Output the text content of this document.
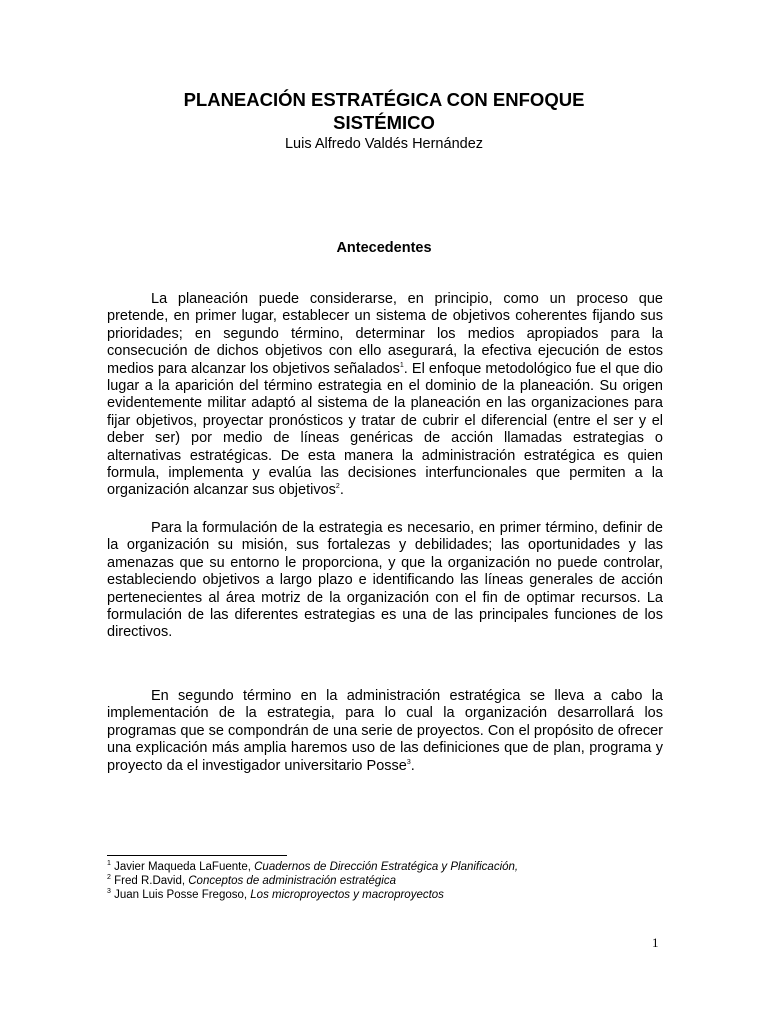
PLANEACIÓN ESTRATÉGICA CON ENFOQUE
SISTÉMICO
Luis Alfredo Valdés Hernández
Antecedentes

La planeación puede considerarse, en principio, como un proceso que pretende, en primer lugar, establecer un sistema de objetivos coherentes fijando sus prioridades; en segundo término, determinar los medios apropiados para la consecución de dichos objetivos con ello asegurará, la efectiva ejecución de estos medios para alcanzar los objetivos señalados$^1$. El enfoque metodológico fue el que dio lugar a la aparición del término estrategia en el dominio de la planeación. Su origen evidentemente militar adaptó al sistema de la planeación en las organizaciones para fijar objetivos, proyectar pronósticos y tratar de cubrir el diferencial (entre el ser y el deber ser) por medio de líneas genéricas de acción llamadas estrategias o alternativas estratégicas. De esta manera la administración estratégica es quien formula, implementa y evalúa las decisiones interfuncionales que permiten a la organización alcanzar sus objetivos$^2$.

Para la formulación de la estrategia es necesario, en primer término, definir de la organización su misión, sus fortalezas y debilidades; las oportunidades y las amenazas que su entorno le proporciona, y que la organización no puede controlar, estableciendo objetivos a largo plazo e identificando las líneas generales de acción pertenecientes al área motriz de la organización con el fin de optimar recursos. La formulación de las diferentes estrategias es una de las principales funciones de los directivos.

En segundo término en la administración estratégica se lleva a cabo la implementación de la estrategia, para lo cual la organización desarrollará los programas que se compondrán de una serie de proyectos. Con el propósito de ofrecer una explicación más amplia haremos uso de las definiciones que de plan, programa y proyecto da el investigador universitario Posse$^3$.

$^1$ Javier Maqueda LaFuente, Cuadernos de Dirección Estratégica y Planificación,
$^2$ Fred R.David, Conceptos de administración estratégica
$^3$ Juan Luis Posse Fregoso, Los microproyectos y macroproyectos
1
